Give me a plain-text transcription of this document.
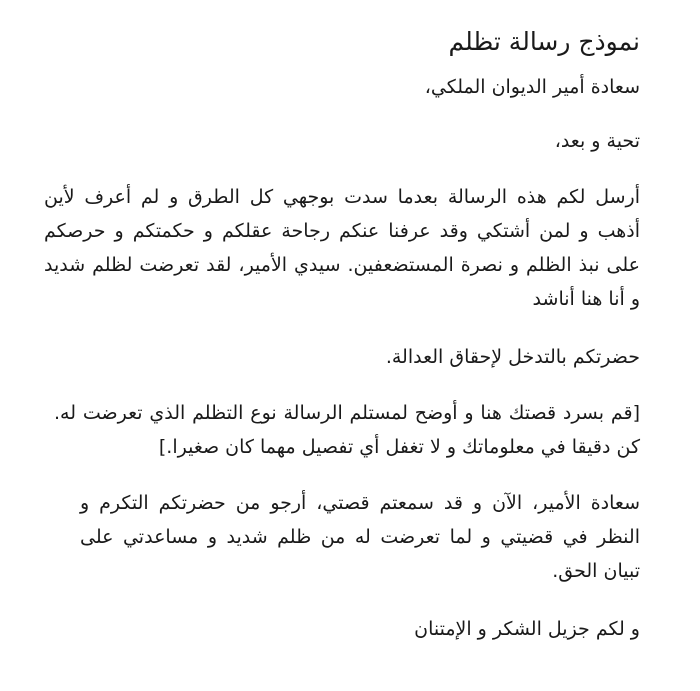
نموذج رسالة تظلم

سعادة أمير الديوان الملكي،

تحية و بعد،

أرسل لكم هذه الرسالة بعدما سدت بوجهي كل الطرق و لم أعرف لأين أذهب و لمن أشتكي وقد عرفنا عنكم رجاحة عقلكم و حكمتكم و حرصكم على نبذ الظلم و نصرة المستضعفين. سيدي الأمير، لقد تعرضت لظلم شديد و أنا هنا أناشد

حضرتكم بالتدخل لإحقاق العدالة.

[قم بسرد قصتك هنا و أوضح لمستلم الرسالة نوع التظلم الذي تعرضت له. كن دقيقا في معلوماتك و لا تغفل أي تفصيل مهما كان صغيرا.]

سعادة الأمير، الآن و قد سمعتم قصتي، أرجو من حضرتكم التكرم و النظر في قضيتي و لما تعرضت له من ظلم شديد و مساعدتي على تبيان الحق.

و لكم جزيل الشكر و الإمتنان
